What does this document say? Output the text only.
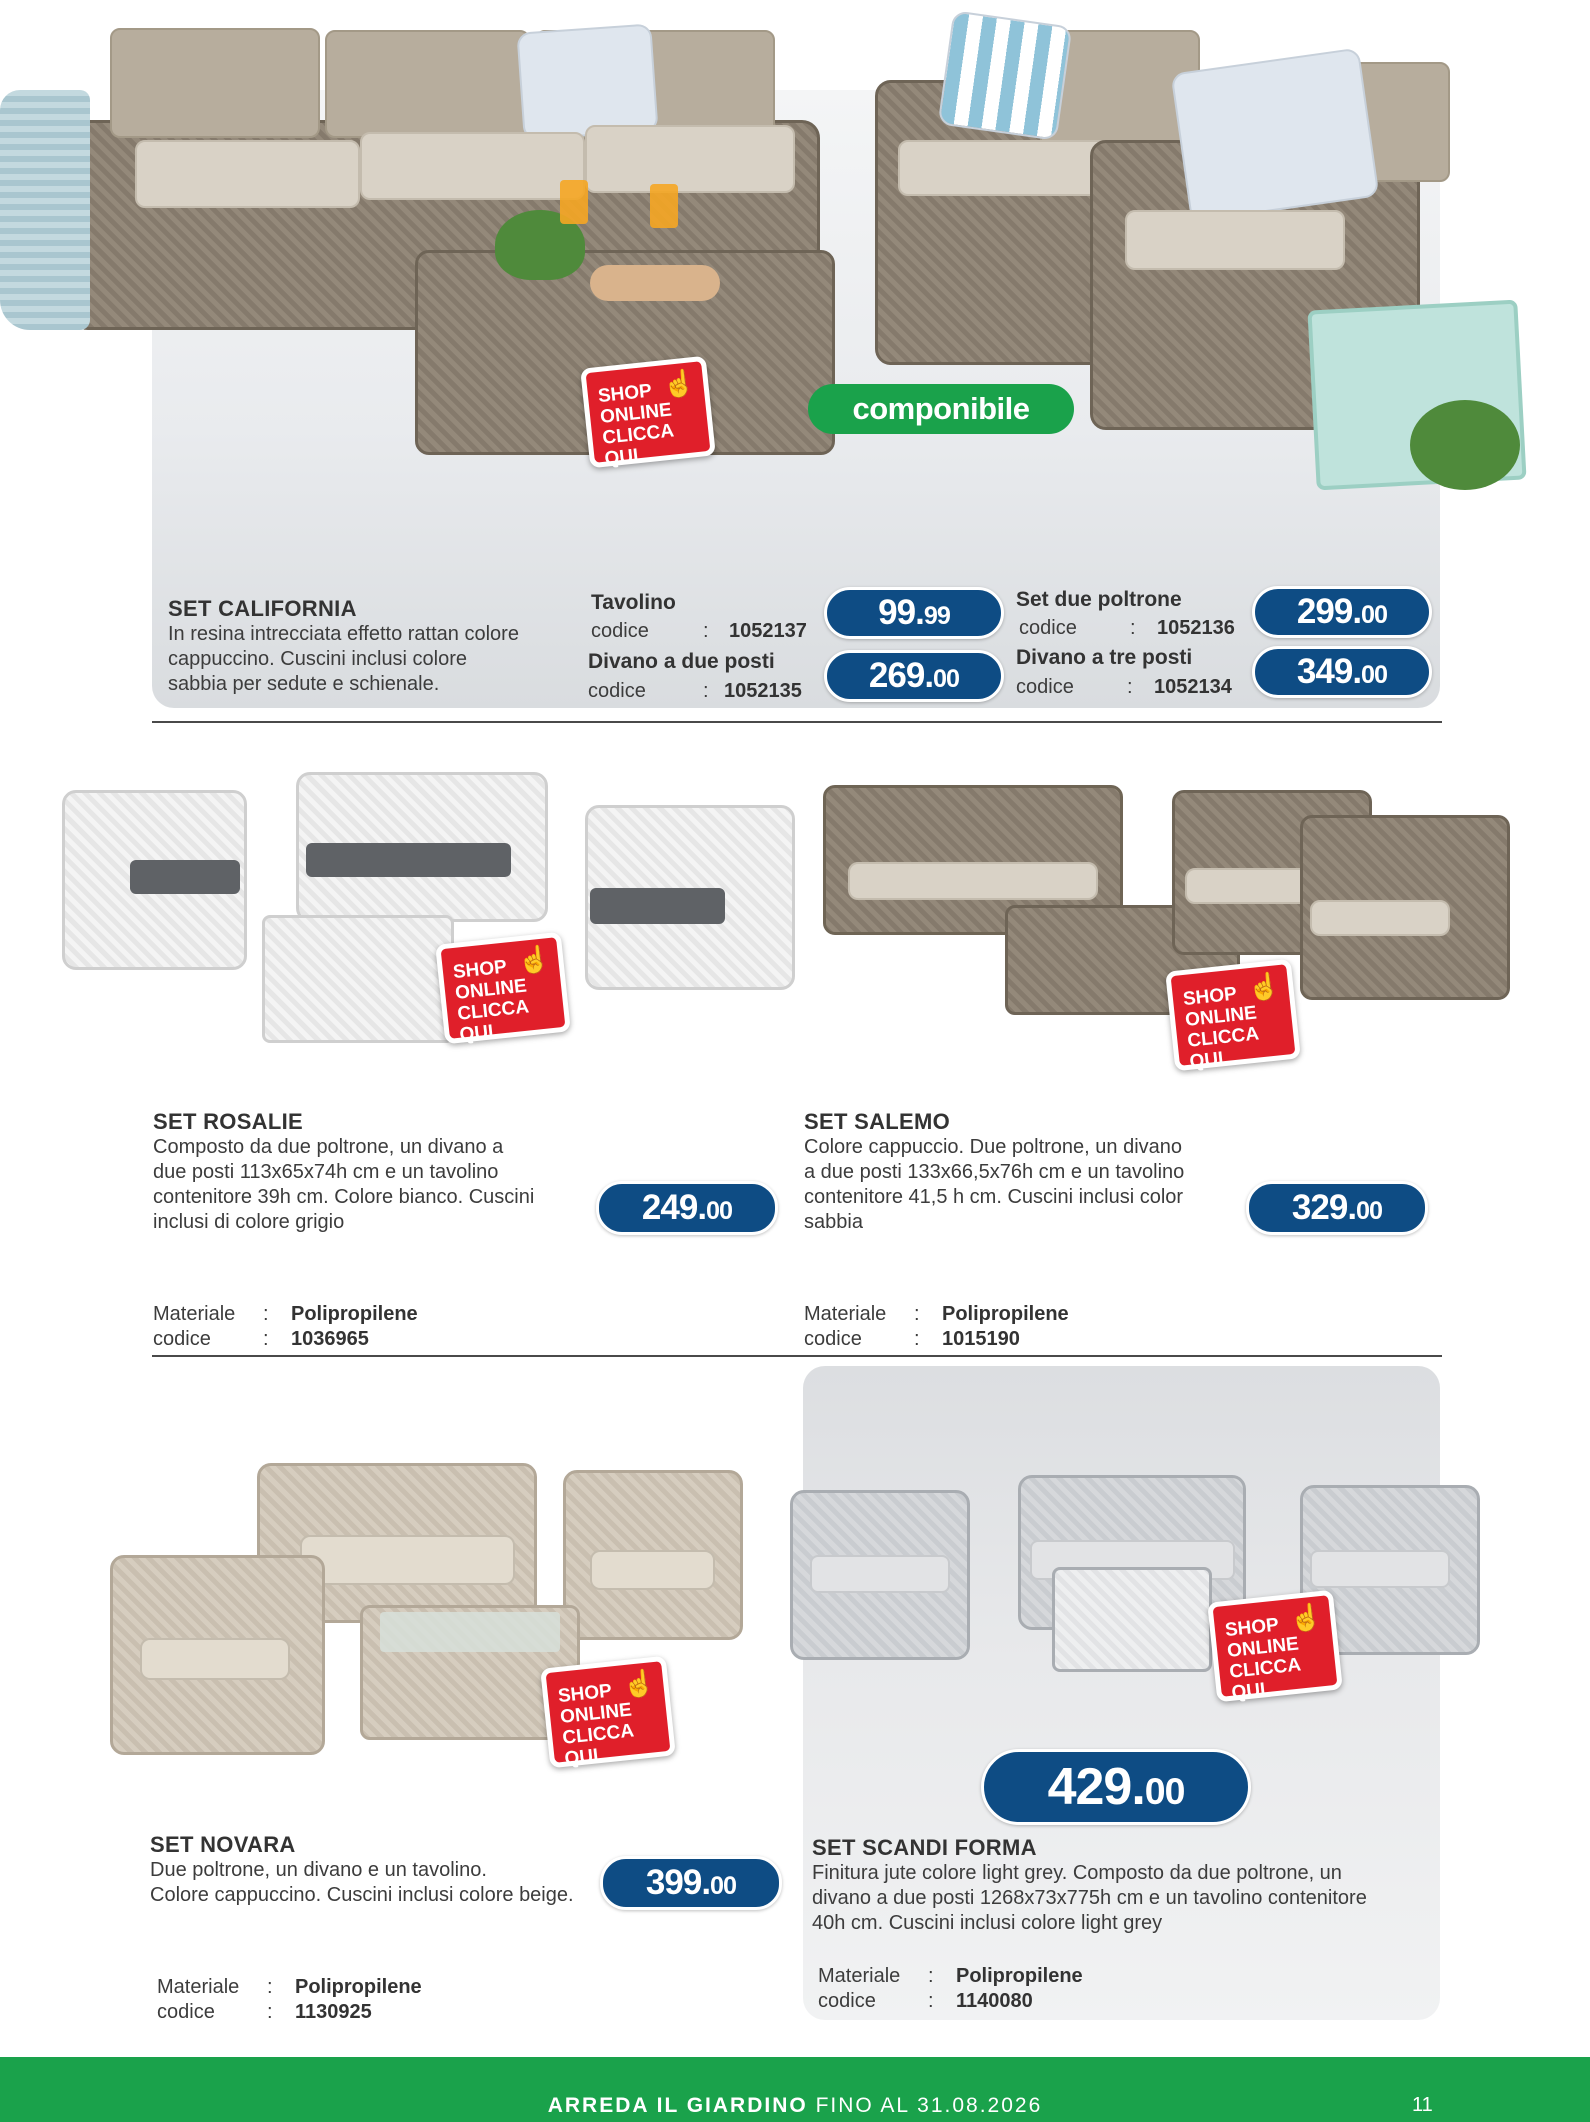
SHOP
ONLINE
CLICCA QUI
☝
componibile
SET CALIFORNIA
In resina intrecciata effetto rattan colore
cappuccino. Cuscini inclusi colore
sabbia per sedute e schienale.
Tavolino
codice	: 1052137	99.99
Divano a due posti
codice	: 1052135	269.00
Set due poltrone
codice	: 1052136	299.00
Divano a tre posti
codice	: 1052134	349.00
SHOP
ONLINE
CLICCA QUI
☝
SET ROSALIE
Composto da due poltrone, un divano a
due posti 113x65x74h cm e un tavolino
contenitore 39h cm. Colore bianco. Cuscini
inclusi di colore grigio	249.00
Materiale : Polipropilene
codice	: 1036965
SHOP
ONLINE
CLICCA QUI
☝
SET SALEMO
Colore cappuccio. Due poltrone, un divano
a due posti 133x66,5x76h cm e un tavolino
contenitore 41,5 h cm. Cuscini inclusi color
sabbia	329.00
Materiale : Polipropilene
codice	: 1015190
SHOP
ONLINE
CLICCA QUI
☝
SET NOVARA
Due poltrone, un divano e un tavolino.
Colore cappuccino. Cuscini inclusi colore beige.	399.00
Materiale : Polipropilene
codice	: 1130925
SHOP
ONLINE
CLICCA QUI
☝
429.00
SET SCANDI FORMA
Finitura jute colore light grey. Composto da due poltrone, un
divano a due posti 1268x73x775h cm e un tavolino contenitore
40h cm. Cuscini inclusi colore light grey
Materiale : Polipropilene
codice	: 1140080
ARREDA IL GIARDINO FINO AL 31.08.2026	11
